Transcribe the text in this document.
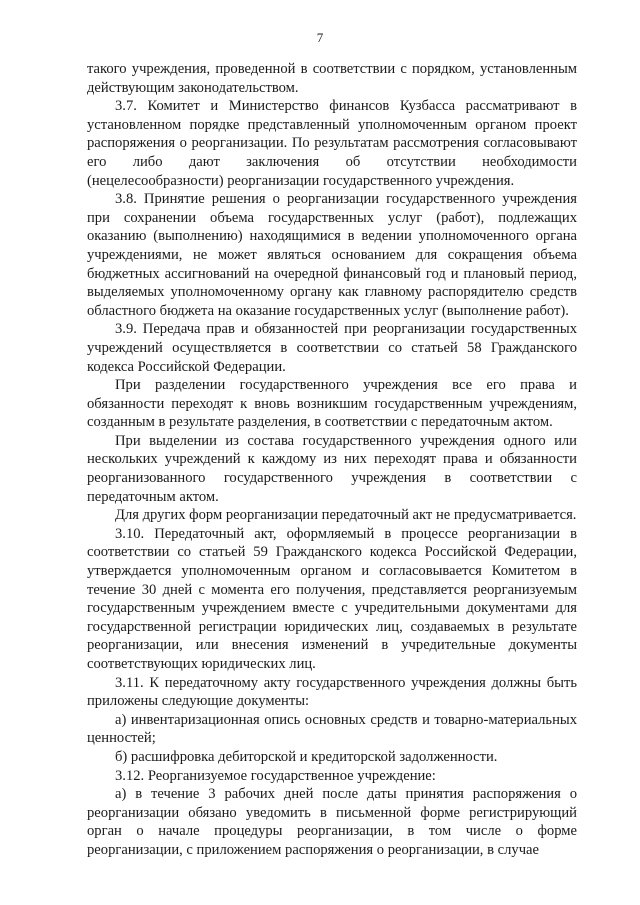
7

такого учреждения, проведенной в соответствии с порядком, установленным действующим законодательством.

3.7. Комитет и Министерство финансов Кузбасса рассматривают в установленном порядке представленный уполномоченным органом проект распоряжения о реорганизации. По результатам рассмотрения согласовывают его либо дают заключения об отсутствии необходимости (нецелесообразности) реорганизации государственного учреждения.

3.8. Принятие решения о реорганизации государственного учреждения при сохранении объема государственных услуг (работ), подлежащих оказанию (выполнению) находящимися в ведении уполномоченного органа учреждениями, не может являться основанием для сокращения объема бюджетных ассигнований на очередной финансовый год и плановый период, выделяемых уполномоченному органу как главному распорядителю средств областного бюджета на оказание государственных услуг (выполнение работ).

3.9. Передача прав и обязанностей при реорганизации государственных учреждений осуществляется в соответствии со статьей 58 Гражданского кодекса Российской Федерации.

При разделении государственного учреждения все его права и обязанности переходят к вновь возникшим государственным учреждениям, созданным в результате разделения, в соответствии с передаточным актом.

При выделении из состава государственного учреждения одного или нескольких учреждений к каждому из них переходят права и обязанности реорганизованного государственного учреждения в соответствии с передаточным актом.

Для других форм реорганизации передаточный акт не предусматривается.

3.10. Передаточный акт, оформляемый в процессе реорганизации в соответствии со статьей 59 Гражданского кодекса Российской Федерации, утверждается уполномоченным органом и согласовывается Комитетом в течение 30 дней с момента его получения, представляется реорганизуемым государственным учреждением вместе с учредительными документами для государственной регистрации юридических лиц, создаваемых в результате реорганизации, или внесения изменений в учредительные документы соответствующих юридических лиц.

3.11. К передаточному акту государственного учреждения должны быть приложены следующие документы:

а) инвентаризационная опись основных средств и товарно-материальных ценностей;

б) расшифровка дебиторской и кредиторской задолженности.

3.12. Реорганизуемое государственное учреждение:

а) в течение 3 рабочих дней после даты принятия распоряжения о реорганизации обязано уведомить в письменной форме регистрирующий орган о начале процедуры реорганизации, в том числе о форме реорганизации, с приложением распоряжения о реорганизации, в случае
